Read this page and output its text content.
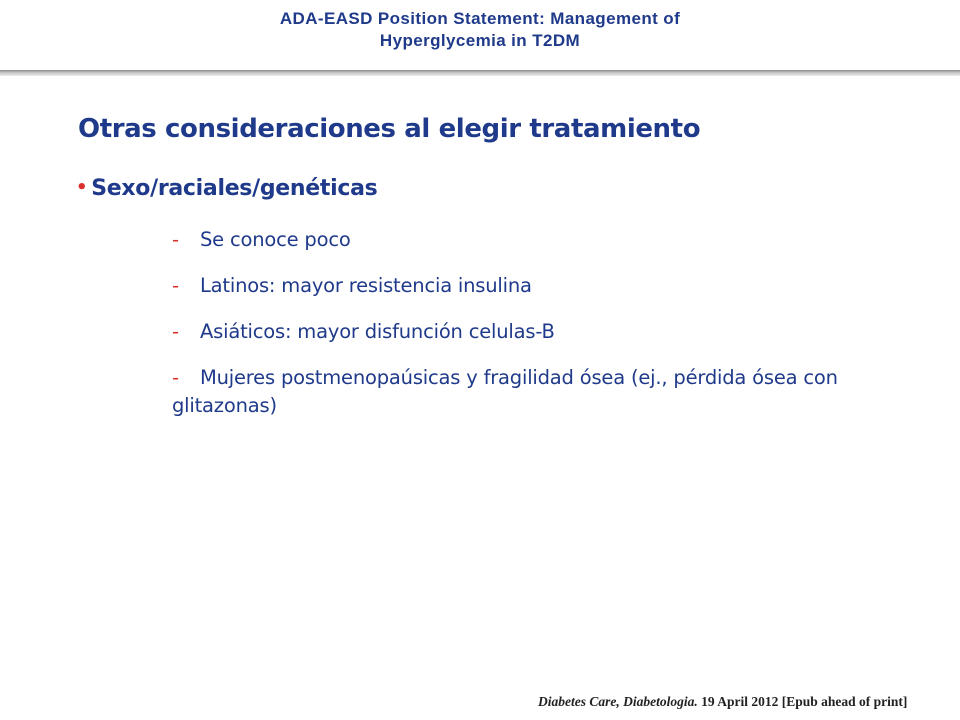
ADA-EASD Position Statement: Management of
Hyperglycemia in T2DM
Otras consideraciones al elegir tratamiento
• Sexo/raciales/genéticas
- Se conoce poco
- Latinos: mayor resistencia insulina
- Asiáticos: mayor disfunción celulas-B
- Mujeres postmenopaúsicas y fragilidad ósea (ej., pérdida ósea con glitazonas)
Diabetes Care, Diabetologia. 19 April 2012 [Epub ahead of print]
